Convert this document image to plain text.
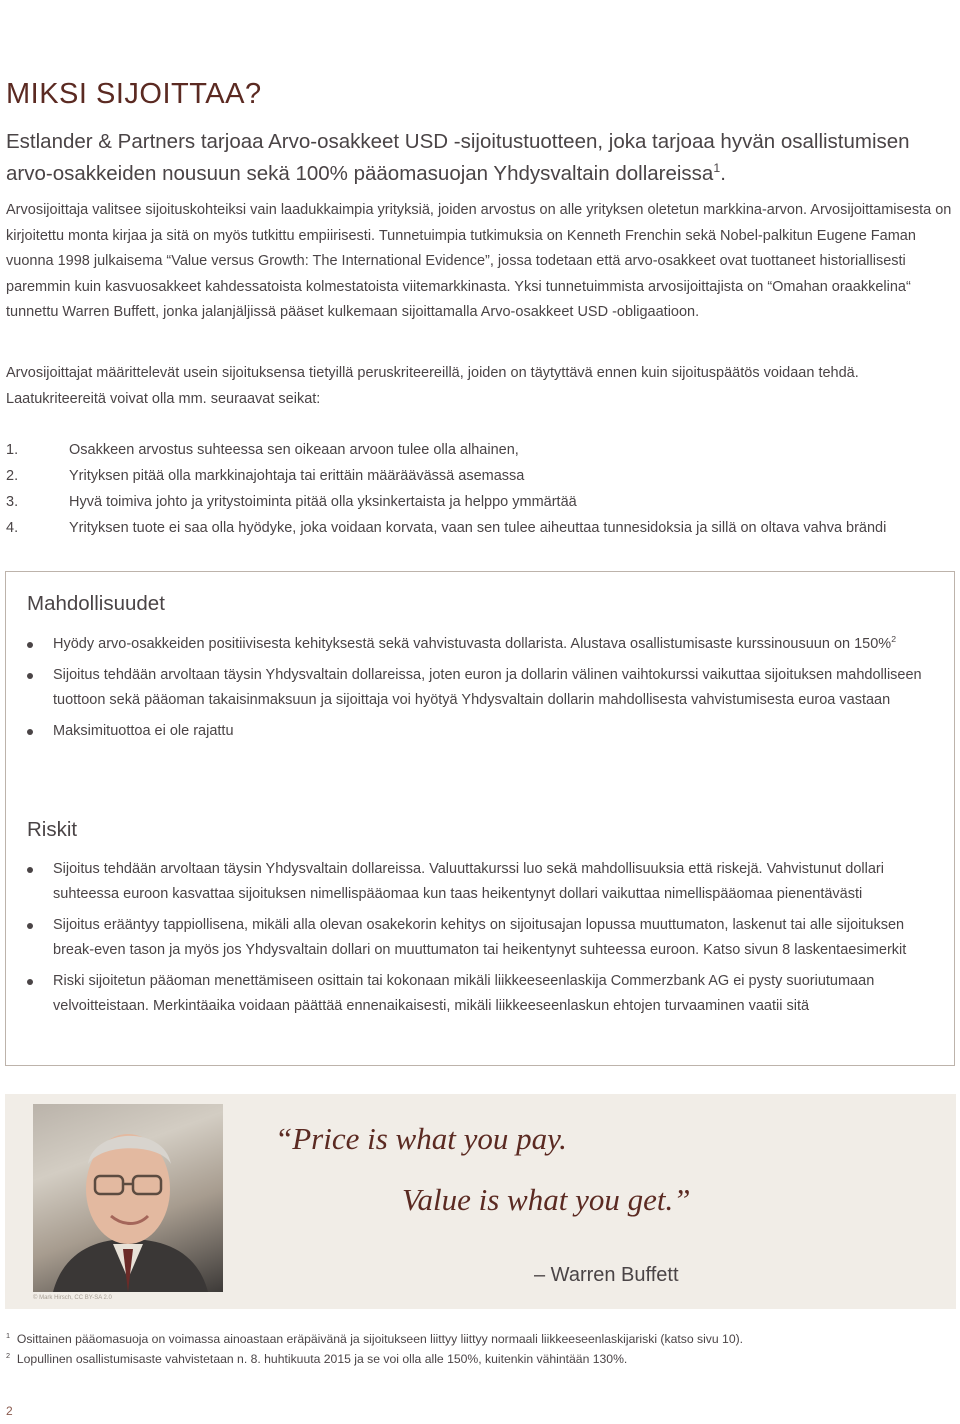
MIKSI SIJOITTAA?

Estlander & Partners tarjoaa Arvo-osakkeet USD -sijoitustuotteen, joka tarjoaa hyvän osallistumisen arvo-osakkeiden nousuun sekä 100% pääomasuojan Yhdysvaltain dollareissa$^1$.

Arvosijoittaja valitsee sijoituskohteiksi vain laadukkaimpia yrityksiä, joiden arvostus on alle yrityksen oletetun markkina-arvon. Arvosijoittamisesta on kirjoitettu monta kirjaa ja sitä on myös tutkittu empiirisesti. Tunnetuimpia tutkimuksia on Kenneth Frenchin sekä Nobel-palkitun Eugene Faman vuonna 1998 julkaisema “Value versus Growth: The International Evidence”, jossa todetaan että arvo-osakkeet ovat tuottaneet historiallisesti paremmin kuin kasvuosakkeet kahdessatoista kolmestatoista viitemarkkinasta. Yksi tunnetuimmista arvosijoittajista on “Omahan oraakkelina“ tunnettu Warren Buffett, jonka jalanjäljissä pääset kulkemaan sijoittamalla Arvo-osakkeet USD -obligaatioon.

Arvosijoittajat määrittelevät usein sijoituksensa tietyillä peruskriteereillä, joiden on täytyttävä ennen kuin sijoituspäätös voidaan tehdä. Laatukriteereitä voivat olla mm. seuraavat seikat:

1.	Osakkeen arvostus suhteessa sen oikeaan arvoon tulee olla alhainen,
2.	Yrityksen pitää olla markkinajohtaja tai erittäin määräävässä asemassa
3.	Hyvä toimiva johto ja yritystoiminta pitää olla yksinkertaista ja helppo ymmärtää
4.	Yrityksen tuote ei saa olla hyödyke, joka voidaan korvata, vaan sen tulee aiheuttaa tunnesidoksia ja sillä on oltava vahva brändi
Mahdollisuudet
Hyödy arvo-osakkeiden positiivisesta kehityksestä sekä vahvistuvasta dollarista. Alustava osallistumisaste kurssinousuun on 150%$^2$
Sijoitus tehdään arvoltaan täysin Yhdysvaltain dollareissa, joten euron ja dollarin välinen vaihtokurssi vaikuttaa sijoituksen mahdolliseen tuottoon sekä pääoman takaisinmaksuun ja sijoittaja voi hyötyä Yhdysvaltain dollarin mahdollisesta vahvistumisesta euroa vastaan
Maksimituottoa ei ole rajattu
Riskit
Sijoitus tehdään arvoltaan täysin Yhdysvaltain dollareissa. Valuuttakurssi luo sekä mahdollisuuksia että riskejä. Vahvistunut dollari suhteessa euroon kasvattaa sijoituksen nimellispääomaa kun taas heikentynyt dollari vaikuttaa nimellispääomaa pienentävästi
Sijoitus erääntyy tappiollisena, mikäli alla olevan osakekorin kehitys on sijoitusajan lopussa muuttumaton, laskenut tai alle sijoituksen break-even tason ja myös jos Yhdysvaltain dollari on muuttumaton tai heikentynyt suhteessa euroon. Katso sivun 8 laskentaesimerkit
Riski sijoitetun pääoman menettämiseen osittain tai kokonaan mikäli liikkeeseenlaskija Commerzbank AG ei pysty suoriutumaan velvoitteistaan. Merkintäaika voidaan päättää ennenaikaisesti, mikäli liikkeeseenlaskun ehtojen turvaaminen vaatii sitä
© Mark Hirsch, CC BY-SA 2.0
“Price is what you pay.
Value is what you get.”
– Warren Buffett

$^1$ Osittainen pääomasuoja on voimassa ainoastaan eräpäivänä ja sijoitukseen liittyy liittyy normaali liikkeeseenlaskijariski (katso sivu 10).

$^2$ Lopullinen osallistumisaste vahvistetaan n. 8. huhtikuuta 2015 ja se voi olla alle 150%, kuitenkin vähintään 130%.

2
